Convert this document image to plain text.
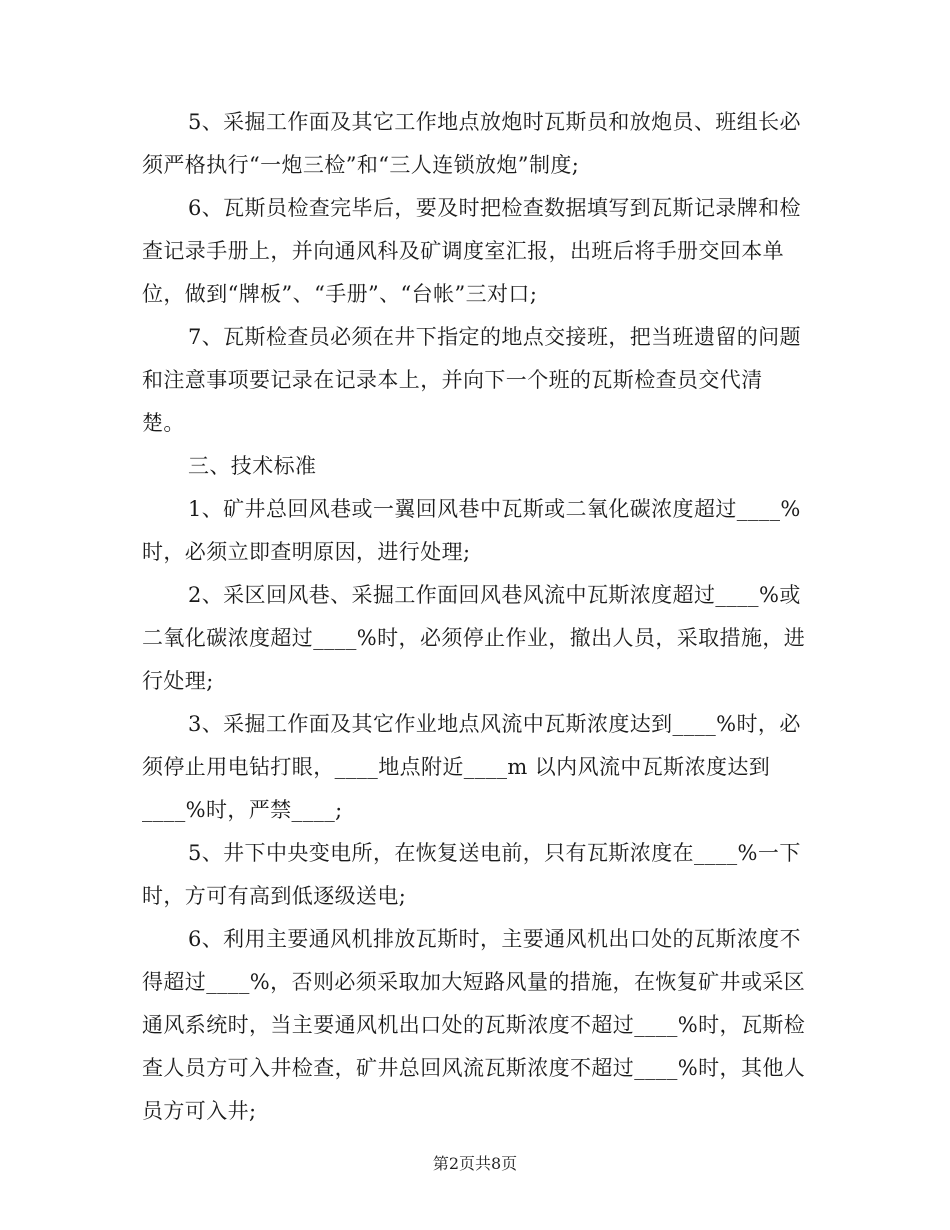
5、采掘工作面及其它工作地点放炮时瓦斯员和放炮员、班组长必
须严格执行“一炮三检”和“三人连锁放炮”制度;

6、瓦斯员检查完毕后，要及时把检查数据填写到瓦斯记录牌和检
查记录手册上，并向通风科及矿调度室汇报，出班后将手册交回本单
位，做到“牌板”、“手册”、“台帐”三对口;

7、瓦斯检查员必须在井下指定的地点交接班，把当班遗留的问题
和注意事项要记录在记录本上，并向下一个班的瓦斯检查员交代清
楚。

三、技术标准

1、矿井总回风巷或一翼回风巷中瓦斯或二氧化碳浓度超过____%
时，必须立即查明原因，进行处理;

2、采区回风巷、采掘工作面回风巷风流中瓦斯浓度超过____%或
二氧化碳浓度超过____%时，必须停止作业，撤出人员，采取措施，进
行处理;

3、采掘工作面及其它作业地点风流中瓦斯浓度达到____%时，必
须停止用电钻打眼，____地点附近____m 以内风流中瓦斯浓度达到
____%时，严禁____;

5、井下中央变电所，在恢复送电前，只有瓦斯浓度在____%一下
时，方可有高到低逐级送电;

6、利用主要通风机排放瓦斯时，主要通风机出口处的瓦斯浓度不
得超过____%，否则必须采取加大短路风量的措施，在恢复矿井或采区
通风系统时，当主要通风机出口处的瓦斯浓度不超过____%时，瓦斯检
查人员方可入井检查，矿井总回风流瓦斯浓度不超过____%时，其他人
员方可入井;

第2页共8页
